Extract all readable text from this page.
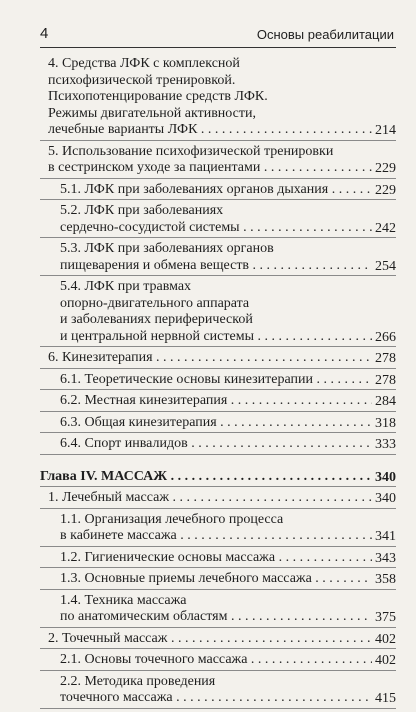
4	Основы реабилитации
4. Средства ЛФК с комплексной
психофизической тренировкой.
Психопотенцирование средств ЛФК.
Режимы двигательной активности,
лечебные варианты ЛФК . . .	214
5. Использование психофизической тренировки
в сестринском уходе за пациентами . . .	229
5.1. ЛФК при заболеваниях органов дыхания . . .	229
5.2. ЛФК при заболеваниях
сердечно-сосудистой системы . . .	242
5.3. ЛФК при заболеваниях органов
пищеварения и обмена веществ . . .	254
5.4. ЛФК при травмах
опорно-двигательного аппарата
и заболеваниях периферической
и центральной нервной системы . . .	266
6. Кинезитерапия . . .	278
6.1. Теоретические основы кинезитерапии . . .	278
6.2. Местная кинезитерапия . . .	284
6.3. Общая кинезитерапия . . .	318
6.4. Спорт инвалидов . . .	333
Глава IV. МАССАЖ . . .	340
1. Лечебный массаж . . .	340
1.1. Организация лечебного процесса
в кабинете массажа . . .	341
1.2. Гигиенические основы массажа . . .	343
1.3. Основные приемы лечебного массажа . . .	358
1.4. Техника массажа
по анатомическим областям . . .	375
2. Точечный массаж . . .	402
2.1. Основы точечного массажа . . .	402
2.2. Методика проведения
точечного массажа . . .	415
